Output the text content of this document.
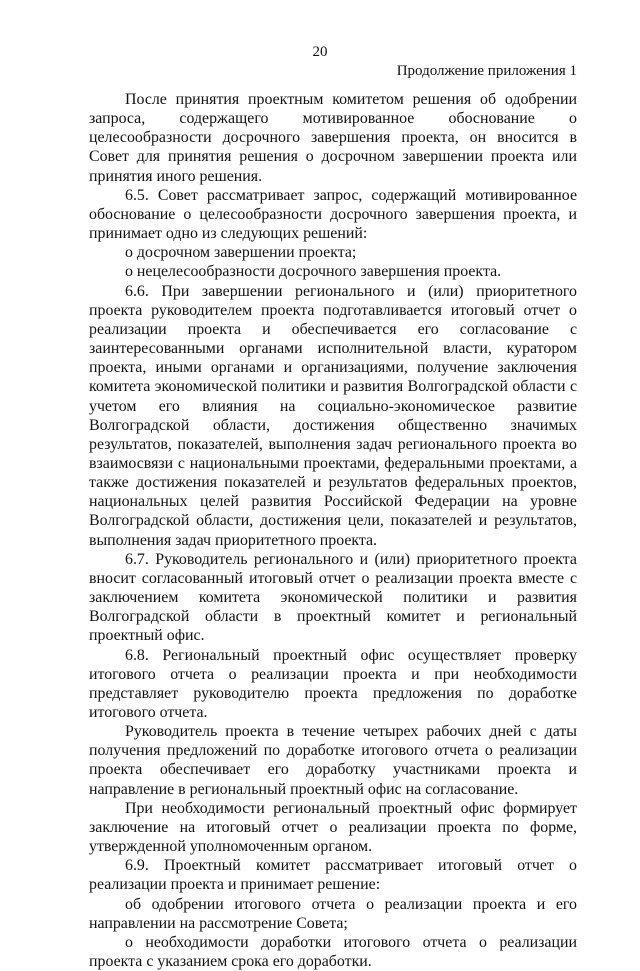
20
Продолжение приложения 1

После принятия проектным комитетом решения об одобрении запроса, содержащего мотивированное обоснование о целесообразности досрочного завершения проекта, он вносится в Совет для принятия решения о досрочном завершении проекта или принятия иного решения.

6.5. Совет рассматривает запрос, содержащий мотивированное обоснование о целесообразности досрочного завершения проекта, и принимает одно из следующих решений:

о досрочном завершении проекта;

о нецелесообразности досрочного завершения проекта.

6.6. При завершении регионального и (или) приоритетного проекта руководителем проекта подготавливается итоговый отчет о реализации проекта и обеспечивается его согласование с заинтересованными органами исполнительной власти, куратором проекта, иными органами и организациями, получение заключения комитета экономической политики и развития Волгоградской области с учетом его влияния на социально-экономическое развитие Волгоградской области, достижения общественно значимых результатов, показателей, выполнения задач регионального проекта во взаимосвязи с национальными проектами, федеральными проектами, а также достижения показателей и результатов федеральных проектов, национальных целей развития Российской Федерации на уровне Волгоградской области, достижения цели, показателей и результатов, выполнения задач приоритетного проекта.

6.7. Руководитель регионального и (или) приоритетного проекта вносит согласованный итоговый отчет о реализации проекта вместе с заключением комитета экономической политики и развития Волгоградской области в проектный комитет и региональный проектный офис.

6.8. Региональный проектный офис осуществляет проверку итогового отчета о реализации проекта и при необходимости представляет руководителю проекта предложения по доработке итогового отчета.

Руководитель проекта в течение четырех рабочих дней с даты получения предложений по доработке итогового отчета о реализации проекта обеспечивает его доработку участниками проекта и направление в региональный проектный офис на согласование.

При необходимости региональный проектный офис формирует заключение на итоговый отчет о реализации проекта по форме, утвержденной уполномоченным органом.

6.9. Проектный комитет рассматривает итоговый отчет о реализации проекта и принимает решение:

об одобрении итогового отчета о реализации проекта и его направлении на рассмотрение Совета;

о необходимости доработки итогового отчета о реализации проекта с указанием срока его доработки.
